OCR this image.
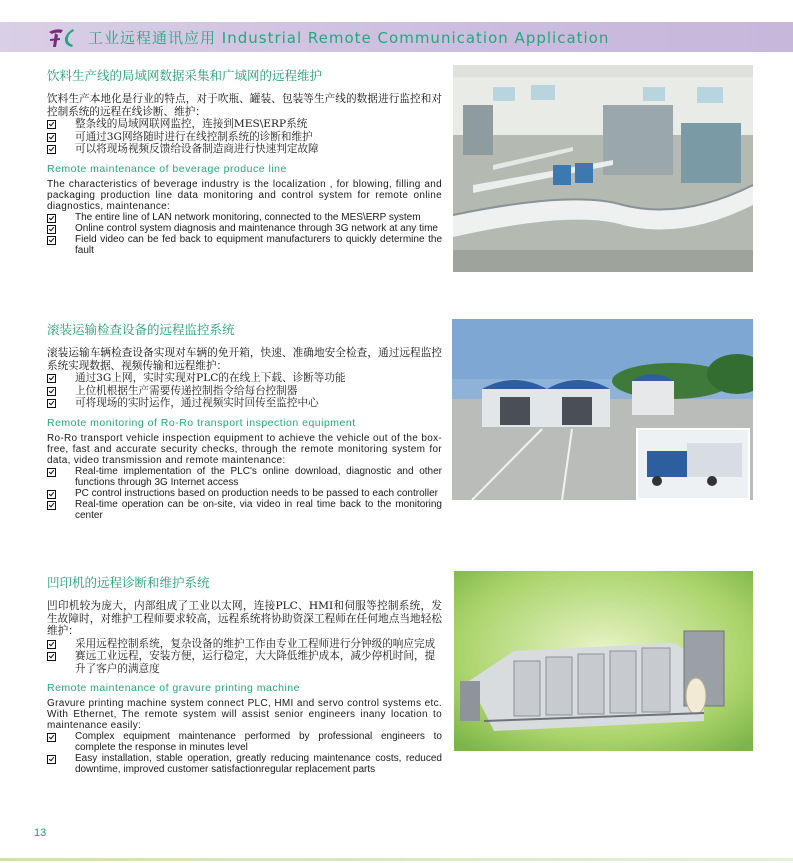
工业远程通讯应用 Industrial Remote Communication Application
饮料生产线的局域网数据采集和广域网的远程维护

饮料生产本地化是行业的特点，对于吹瓶、罐装、包装等生产线的数据进行监控和对控制系统的远程在线诊断、维护：

整条线的局域网联网监控，连接到MES\ERP系统
可通过3G网络随时进行在线控制系统的诊断和维护
可以将现场视频反馈给设备制造商进行快速判定故障
Remote maintenance of beverage produce line

The characteristics of beverage industry is the localization , for blowing, filling and packaging production line data monitoring and control system for remote online diagnostics, maintenance:

The entire line of LAN network monitoring, connected to the MES\ERP system
Online control system diagnosis and maintenance through 3G network at any time
Field video can be fed back to equipment manufacturers to quickly determine the fault
滚装运输检查设备的远程监控系统

滚装运输车辆检查设备实现对车辆的免开箱，快速、准确地安全检查，通过远程监控系统实现数据、视频传输和远程维护：

通过3G上网，实时实现对PLC的在线上下载、诊断等功能
上位机根据生产需要传递控制指令给每台控制器
可将现场的实时运作，通过视频实时回传至监控中心
Remote monitoring of Ro-Ro transport inspection equipment

Ro-Ro transport vehicle inspection equipment to achieve the vehicle out of the box-free, fast and accurate security checks, through the remote monitoring system for data, video transmission and remote maintenance:

Real-time implementation of the PLC's online download, diagnostic and other functions through 3G Internet access
PC control instructions based on production needs to be passed to each controller
Real-time operation can be on-site, via video in real time back to the monitoring center
凹印机的远程诊断和维护系统

凹印机较为庞大，内部组成了工业以太网，连接PLC、HMI和伺服等控制系统，发生故障时，对维护工程师要求较高，远程系统将协助资深工程师在任何地点当地轻松维护：

采用远程控制系统，复杂设备的维护工作由专业工程师进行分钟级的响应完成
赛远工业远程，安装方便，运行稳定，大大降低维护成本，减少停机时间，提升了客户的满意度
Remote maintenance of gravure printing machine

Gravure printing machine system connect PLC, HMI and servo control systems etc. With Ethernet, The remote system will assist senior engineers inany location to maintenance easily:

Complex equipment maintenance performed by professional engineers to complete the response in minutes level
Easy installation, stable operation, greatly reducing maintenance costs, reduced downtime, improved customer satisfactionregular replacement parts
13
